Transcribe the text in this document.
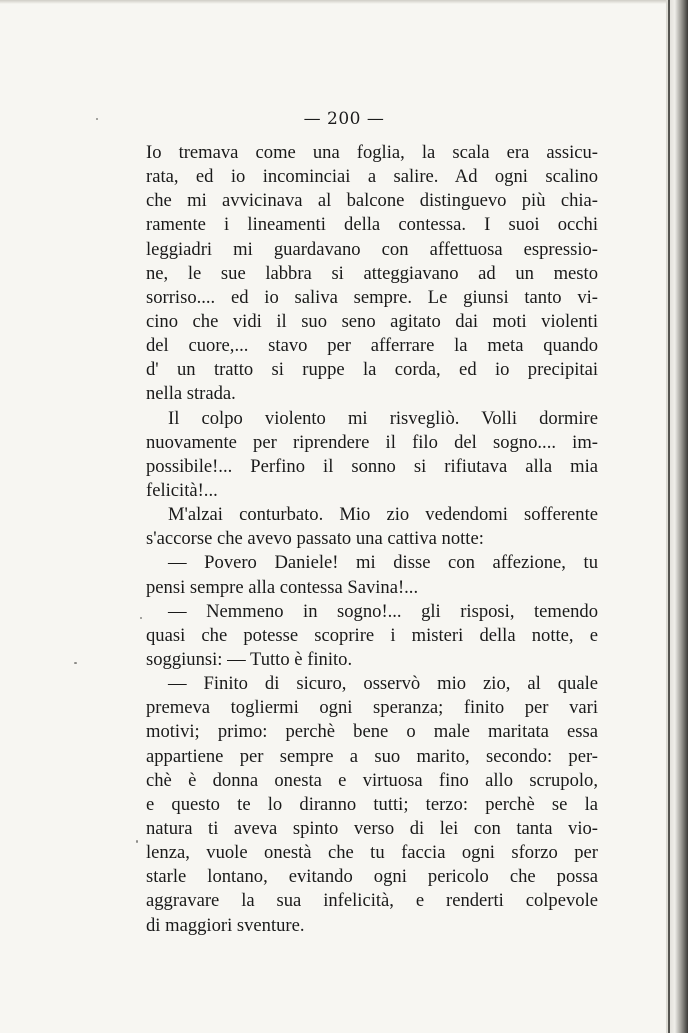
— 200 —
Io tremava come una foglia, la scala era assicu-
rata, ed io incominciai a salire. Ad ogni scalino
che mi avvicinava al balcone distinguevo più chia-
ramente i lineamenti della contessa. I suoi occhi
leggiadri mi guardavano con affettuosa espressio-
ne, le sue labbra si atteggiavano ad un mesto
sorriso.... ed io saliva sempre. Le giunsi tanto vi-
cino che vidi il suo seno agitato dai moti violenti
del cuore,... stavo per afferrare la meta quando
d' un tratto si ruppe la corda, ed io precipitai
nella strada.
Il colpo violento mi risvegliò. Volli dormire
nuovamente per riprendere il filo del sogno.... im-
possibile!... Perfino il sonno si rifiutava alla mia
felicità!...
M'alzai conturbato. Mio zio vedendomi sofferente
s'accorse che avevo passato una cattiva notte:
— Povero Daniele! mi disse con affezione, tu
pensi sempre alla contessa Savina!...
— Nemmeno in sogno!... gli risposi, temendo
quasi che potesse scoprire i misteri della notte, e
soggiunsi: — Tutto è finito.
— Finito di sicuro, osservò mio zio, al quale
premeva togliermi ogni speranza; finito per vari
motivi; primo: perchè bene o male maritata essa
appartiene per sempre a suo marito, secondo: per-
chè è donna onesta e virtuosa fino allo scrupolo,
e questo te lo diranno tutti; terzo: perchè se la
natura ti aveva spinto verso di lei con tanta vio-
lenza, vuole onestà che tu faccia ogni sforzo per
starle lontano, evitando ogni pericolo che possa
aggravare la sua infelicità, e renderti colpevole
di maggiori sventure.
